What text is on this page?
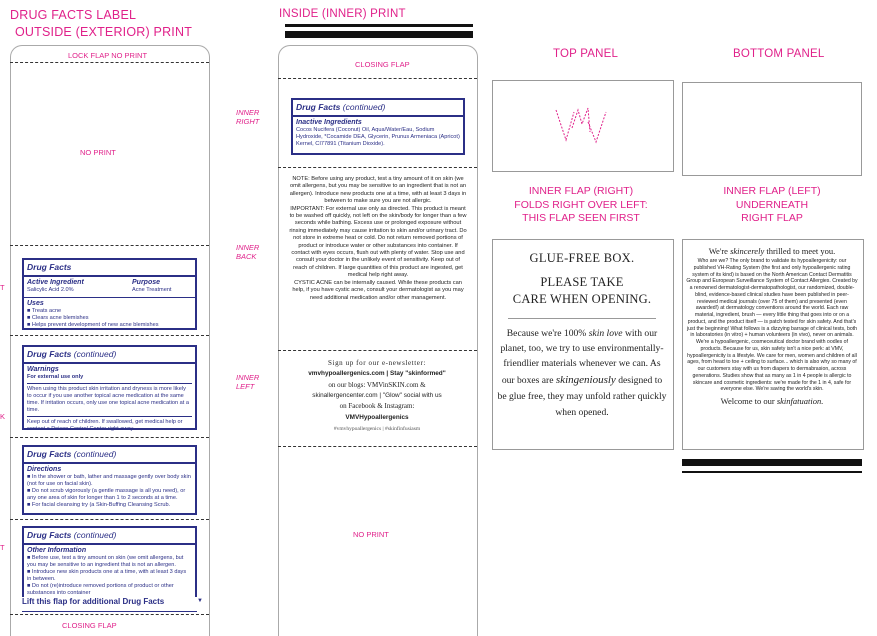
DRUG FACTS LABEL
OUTSIDE (EXTERIOR) PRINT
INSIDE (INNER) PRINT
TOP PANEL	BOTTOM PANEL
T
K
T
LOCK FLAP NO PRINT
NO PRINT
Drug Facts
Active Ingredient
Salicylic Acid 2.0%
Purpose
Acne Treatment
Uses
■ Treats acne
■ Clears acne blemishes
■ Helps prevent development of new acne blemishes
Drug Facts (continued)
Warnings
For external use only
When using this product skin irritation and dryness is more likely to occur if you use another topical acne medication at the same time. If irritation occurs, only use one topical acne medication at a time.
Keep out of reach of children. If swallowed, get medical help or contact a Poison Control Center right away.
Drug Facts (continued)
Directions
■ In the shower or bath, lather and massage gently over body skin (not for use on facial skin).
■ Do not scrub vigorously (a gentle massage is all you need), or any one area of skin for longer than 1 to 2 seconds at a time.
■ For facial cleansing try (a Skin-Buffing Cleansing Scrub.
Drug Facts (continued)
Other Information
■ Before use, test a tiny amount on skin (we omit allergens, but you may be sensitive to an ingredient that is not an allergen.
■ Introduce new skin products one at a time, with at least 3 days in between.
■ Do not (re)introduce removed portions of product or other substances into container
Lift this flap for additional Drug Facts	▼
CLOSING FLAP
CLOSING FLAP
INNER
RIGHT
INNER
BACK
INNER
LEFT
Drug Facts (continued)
Inactive Ingredients
Cocos Nucifera (Coconut) Oil, Aqua/Water/Eau, Sodium Hydroxide, *Cocamide DEA, Glycerin, Prunus Armeniaca (Apricot) Kernel, CI77891 (Titanium Dioxide).
NOTE: Before using any product, test a tiny amount of it on skin (we omit allergens, but you may be sensitive to an ingredient that is not an allergen). Introduce new products one at a time, with at least 3 days in between to make sure you are not allergic.
IMPORTANT: For external use only as directed. This product is meant to be washed off quickly, not left on the skin/body for longer than a few seconds while bathing. Excess use or prolonged exposure without rinsing immediately may cause irritation to skin and/or urinary tract. Do not store in extreme heat or cold. Do not return removed portions of product or introduce water or other substances into container. If contact with eyes occurs, flush out with plenty of water. Stop use and consult your doctor in the unlikely event of sensitivity. Keep out of reach of children. If large quantities of this product are ingested, get medical help right away.
CYSTIC ACNE can be internally caused. While these products can help, if you have cystic acne, consult your dermatologist as you may need additional medication and/or other management.
Sign up for our e-newsletter:
vmvhypoallergenics.com | Stay "skinformed"
on our blogs: VMVinSKIN.com &
skinallergencenter.com | "Glow" social with us
on Facebook & Instagram:
VMVHypoallergenics
#vmvhypoallergenics | #skinfinfusiasm
NO PRINT
INNER FLAP (RIGHT)
FOLDS RIGHT OVER LEFT:
THIS FLAP SEEN FIRST
GLUE-FREE BOX.
PLEASE TAKE
CARE WHEN OPENING.
Because we're 100% skin love with our planet, too, we try to use environmentally-friendlier materials whenever we can. As our boxes are skingeniously designed to be glue free, they may unfold rather quickly when opened.
INNER FLAP (LEFT)
UNDERNEATH
RIGHT FLAP
We're skincerely thrilled to meet you.
Who are we? The only brand to validate its hypoallergenicity: our published VH-Rating System (the first and only hypoallergenic rating system of its kind) is based on the North American Contact Dermatitis Group and European Surveillance System of Contact Allergies. Created by a renowned dermatologist-dermatopathologist, our randomized, double-blind, evidence-based clinical studies have been published in peer-reviewed medical journals (over 75 of them) and presented (even awarded!) at dermatology conventions around the world. Each raw material, ingredient, brush — every little thing that goes into or on a product, and the product itself — is patch tested for skin safety. And that's just the beginning! What follows is a dizzying barrage of clinical tests, both in laboratories (in vitro) + human volunteers (in vivo), never on animals. We're a hypoallergenic, cosmeceutical doctor brand with oodles of products. Because for us, skin safety isn't a nice perk: at VMV, hypoallergenicity is a lifestyle. We care for men, women and children of all ages, from head to toe + ceiling to surface... which is also why so many of our customers stay with us from diapers to dermabrasion, across generations. Studies show that as many as 1 in 4 people is allergic to skincare and cosmetic ingredients: we're made for the 1 in 4, safe for everyone else. We're saving the world's skin.
Welcome to our skinfatuation.
